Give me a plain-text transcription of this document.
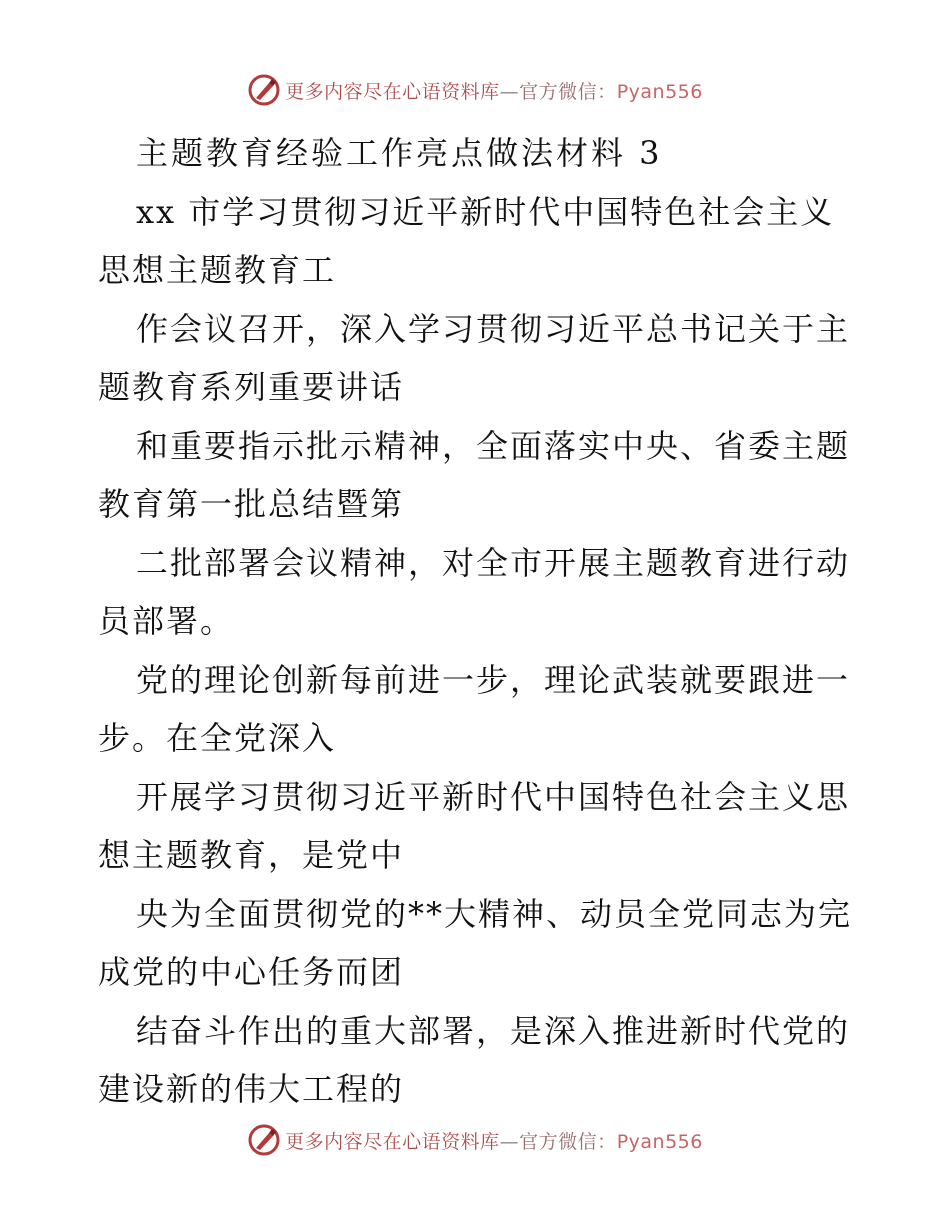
更多内容尽在心语资料库—官方微信：Pyan556

主题教育经验工作亮点做法材料 3

xx 市学习贯彻习近平新时代中国特色社会主义思想主题教育工

作会议召开，深入学习贯彻习近平总书记关于主题教育系列重要讲话

和重要指示批示精神，全面落实中央、省委主题教育第一批总结暨第

二批部署会议精神，对全市开展主题教育进行动员部署。

党的理论创新每前进一步，理论武装就要跟进一步。在全党深入

开展学习贯彻习近平新时代中国特色社会主义思想主题教育，是党中

央为全面贯彻党的**大精神、动员全党同志为完成党的中心任务而团

结奋斗作出的重大部署，是深入推进新时代党的建设新的伟大工程的

更多内容尽在心语资料库—官方微信：Pyan556
